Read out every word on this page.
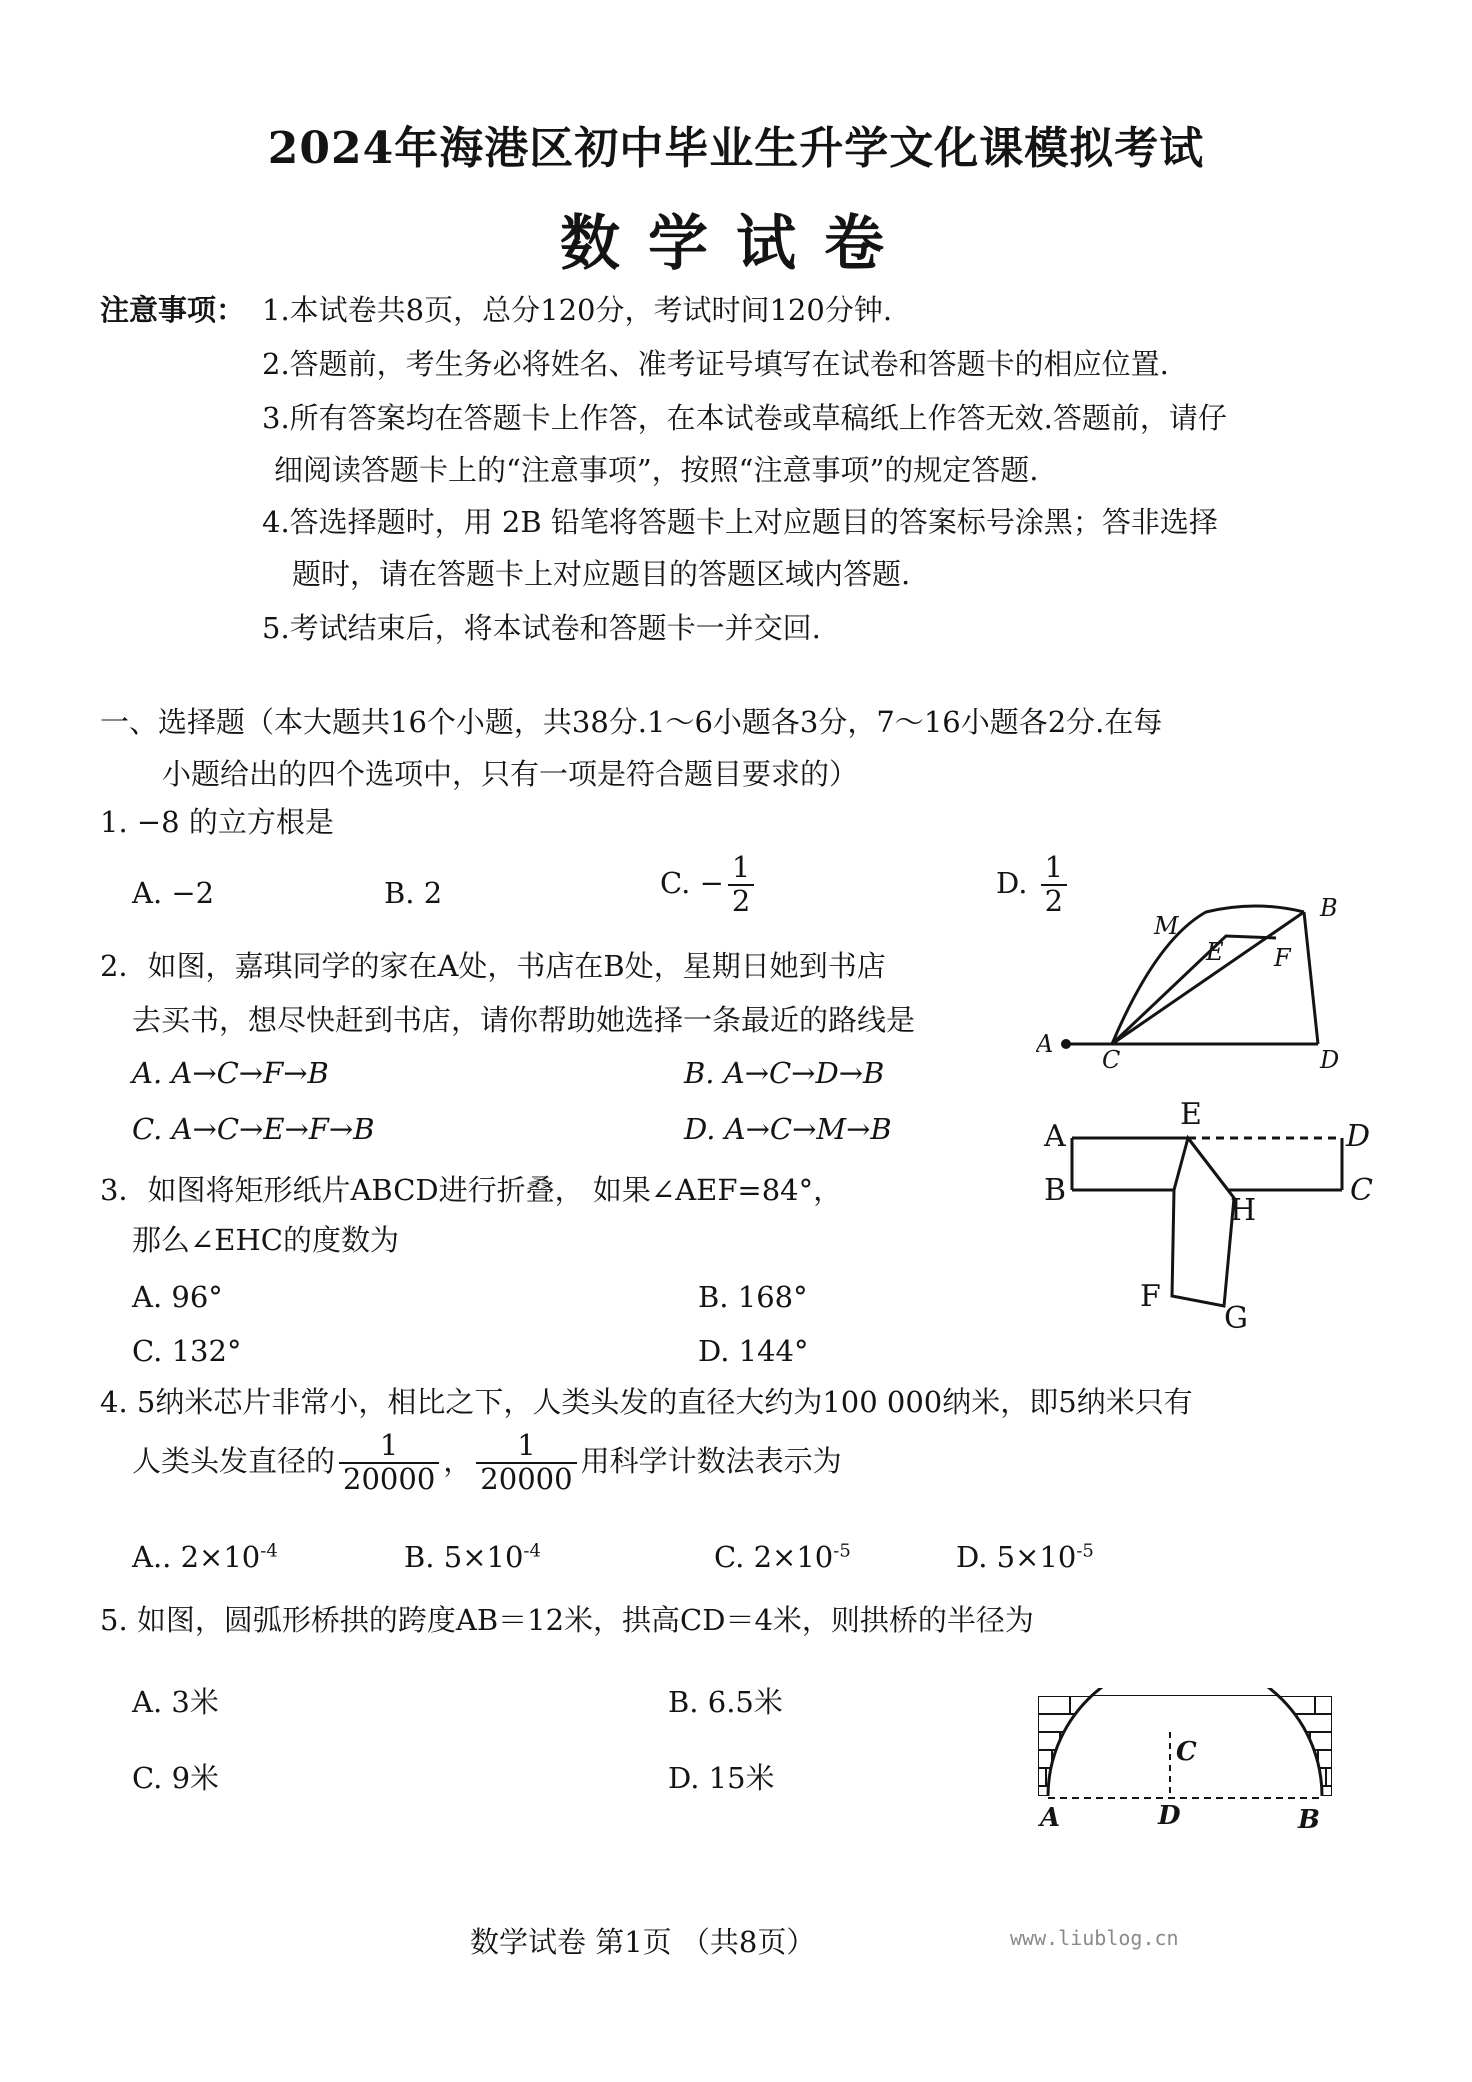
2024年海港区初中毕业生升学文化课模拟考试
数学试卷
注意事项： 1.本试卷共8页，总分120分，考试时间120分钟.
2.答题前，考生务必将姓名、准考证号填写在试卷和答题卡的相应位置.
3.所有答案均在答题卡上作答，在本试卷或草稿纸上作答无效.答题前，请仔
细阅读答题卡上的“注意事项”，按照“注意事项”的规定答题.
4.答选择题时，用 2B 铅笔将答题卡上对应题目的答案标号涂黑；答非选择
题时，请在答题卡上对应题目的答题区域内答题.
5.考试结束后，将本试卷和答题卡一并交回.
一、选择题（本大题共16个小题，共38分.1～6小题各3分，7～16小题各2分.在每
小题给出的四个选项中，只有一项是符合题目要求的）
1. −8 的立方根是
A. −2	B. 2	C. − $\frac{1}{2}$	D. $\frac{1}{2}$
2．如图，嘉琪同学的家在A处，书店在B处，星期日她到书店
去买书，想尽快赶到书店，请你帮助她选择一条最近的路线是
A. A→C→F→B	B. A→C→D→B
C. A→C→E→F→B	D. A→C→M→B
M
B
E F
A
C	D
3．如图将矩形纸片ABCD进行折叠， 如果∠AEF=84°，
那么∠EHC的度数为
A. 96°	B. 168°
C. 132°	D. 144°
A
E
D
B	C
H
F
G
4. 5纳米芯片非常小，相比之下，人类头发的直径大约为100 000纳米，即5纳米只有
人类头发直径的 $\frac{1}{20000}$ ， $\frac{1}{20000}$ 用科学计数法表示为
A.. $2\times 10^{-4}$	B. $5\times 10^{-4}$	C. $2\times 10^{-5}$	D. $5\times 10^{-5}$
5. 如图，圆弧形桥拱的跨度AB＝12米，拱高CD＝4米，则拱桥的半径为
A. 3米	B. 6.5米
C. 9米	D. 15米
C
A	D	B
数学试卷 第1页 （共8页）	www.liublog.cn
